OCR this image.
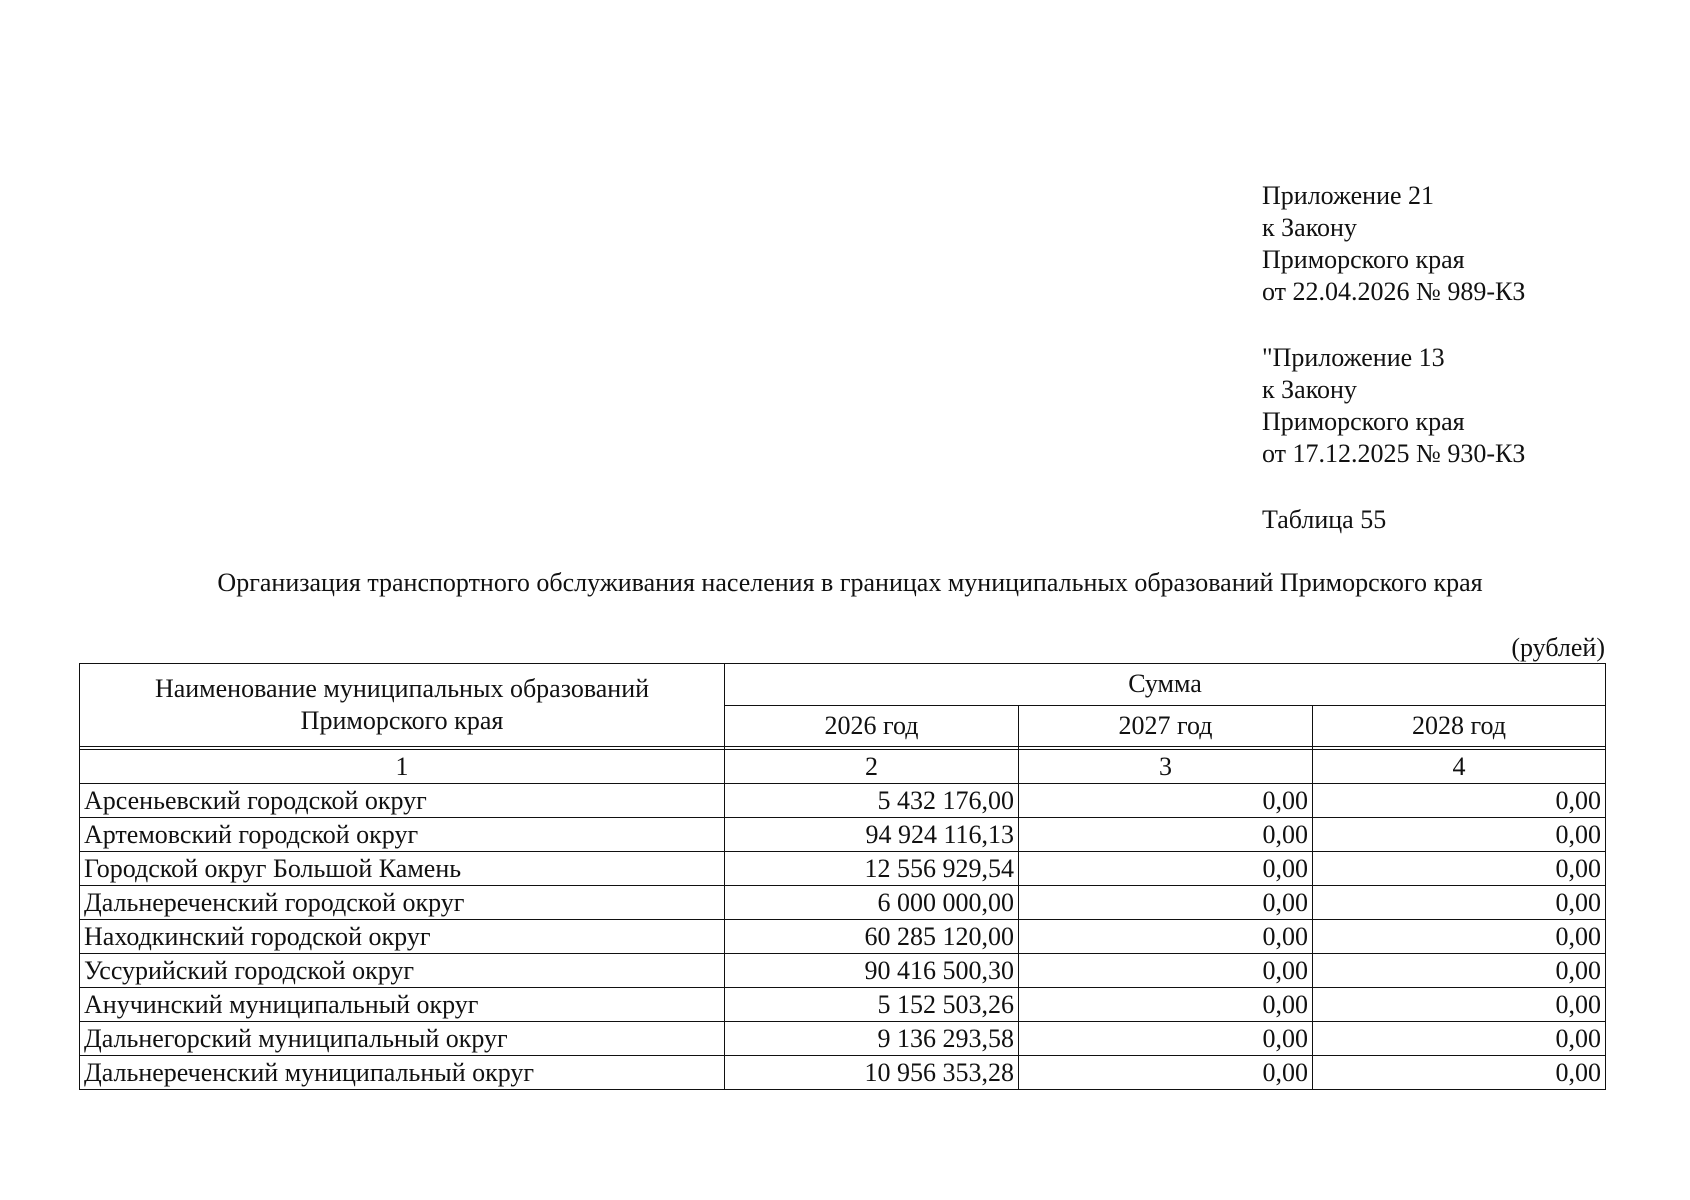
Приложение 21
к Закону
Приморского края
от 22.04.2026 № 989-КЗ
"Приложение 13
к Закону
Приморского края
от 17.12.2025 № 930-КЗ
Таблица 55
Организация транспортного обслуживания населения в границах муниципальных образований Приморского края
(рублей)
Наименование муниципальных образований Приморского края	Сумма		
	2026 год	2027 год	2028 год

1	2	3	4
Арсеньевский городской округ	5 432 176,00	0,00	0,00
Артемовский городской округ	94 924 116,13	0,00	0,00
Городской округ Большой Камень	12 556 929,54	0,00	0,00
Дальнереченский городской округ	6 000 000,00	0,00	0,00
Находкинский городской округ	60 285 120,00	0,00	0,00
Уссурийский городской округ	90 416 500,30	0,00	0,00
Анучинский муниципальный округ	5 152 503,26	0,00	0,00
Дальнегорский муниципальный округ	9 136 293,58	0,00	0,00
Дальнереченский муниципальный округ	10 956 353,28	0,00	0,00
